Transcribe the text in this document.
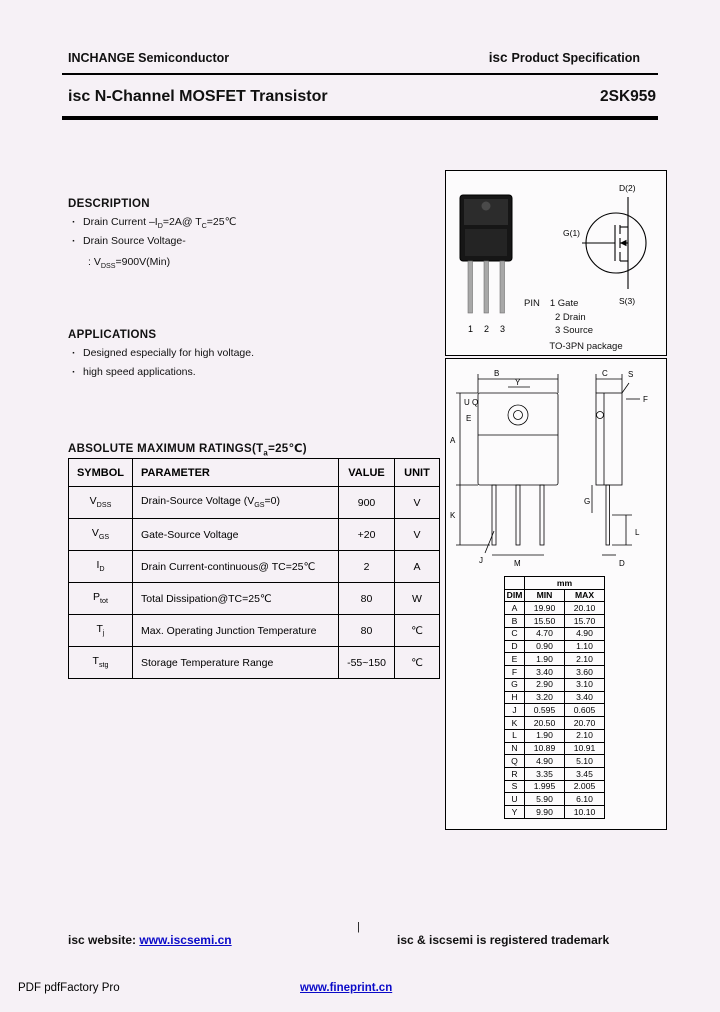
INCHANGE Semiconductor	isc Product Specification
isc N-Channel MOSFET Transistor	2SK959
DESCRIPTION
· Drain Current $-I_D=2A@$ $T_C=25℃$
· Drain Source Voltage-
: $V_{DSS}=900V(Min)$
APPLICATIONS
· Designed especially for high voltage.
· high speed applications.
ABSOLUTE MAXIMUM $RATINGS(T_a=25℃)$
SYMBOL	PARAMETER	VALUE	UNIT
$V_{DSS}$	Drain-Source Voltage $(V_{GS}=0)$	900	V
$V_{GS}$	Gate-Source Voltage	+20	V
$I_D$	Drain Current-continuous@ TC=25℃	2	A
$P_{tot}$	Total Dissipation@TC=25℃	80	W
$T_j$	Max. Operating Junction Temperature	80	℃
$T_{stg}$	Storage Temperature Range	-55~150	℃
1 2 3
D(2)
G(1)
S(3)
PIN 1 Gate
2 Drain
3 Source
TO-3PN package
B
Y
U Q
E
A
K
J	M
C	S
F
G
L
D
	mm	
DIM	MIN	MAX
A	19.90	20.10
B	15.50	15.70
C	4.70	4.90
D	0.90	1.10
E	1.90	2.10
F	3.40	3.60
G	2.90	3.10
H	3.20	3.40
J	0.595	0.605
K	20.50	20.70
L	1.90	2.10
N	10.89	10.91
Q	4.90	5.10
R	3.35	3.45
S	1.995	2.005
U	5.90	6.10
Y	9.90	10.10
|
isc website: www.iscsemi.cn	isc & iscsemi is registered trademark
PDF pdfFactory Pro	www.fineprint.cn
